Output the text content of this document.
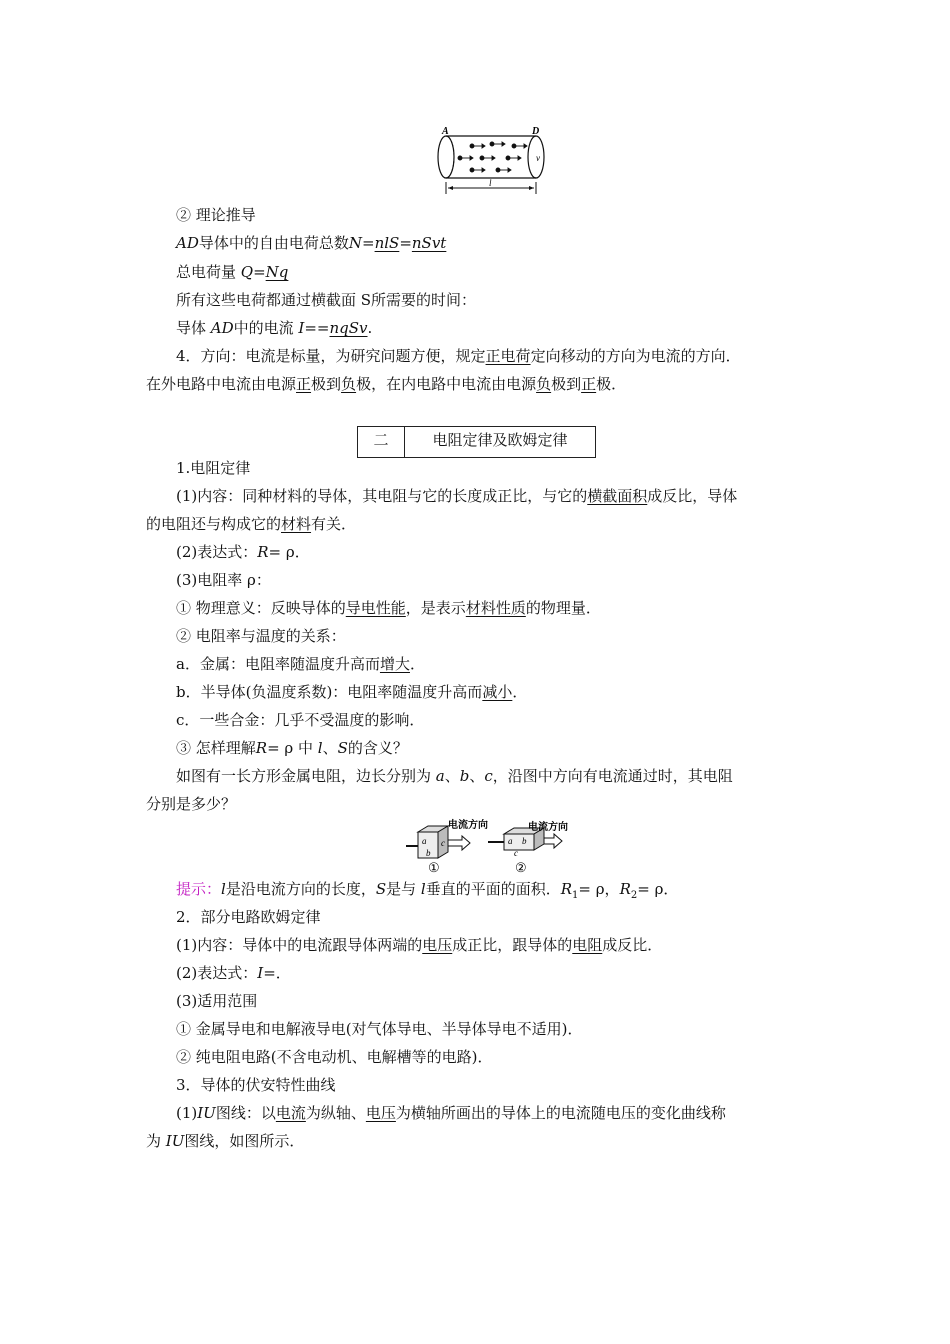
A	D
v
l
② 理论推导
AD导体中的自由电荷总数N=nlS=nSvt
总电荷量 Q=Nq
所有这些电荷都通过横截面 S所需要的时间：
导体 AD中的电流 I==nqSv.
4．方向：电流是标量，为研究问题方便，规定正电荷定向移动的方向为电流的方向．
在外电路中电流由电源正极到负极，在内电路中电流由电源负极到正极．
二	电阻定律及欧姆定律
1.电阻定律
(1)内容：同种材料的导体，其电阻与它的长度成正比，与它的横截面积成反比，导体
的电阻还与构成它的材料有关．
(2)表达式：R= ρ．
(3)电阻率 ρ：
① 物理意义：反映导体的导电性能，是表示材料性质的物理量．
② 电阻率与温度的关系：
a．金属：电阻率随温度升高而增大．
b．半导体(负温度系数)：电阻率随温度升高而减小．
c．一些合金：几乎不受温度的影响．
③ 怎样理解R= ρ 中 l、S的含义？
如图有一长方形金属电阻，边长分别为 a、b、c，沿图中方向有电流通过时，其电阻
分别是多少？
a
b
c
电流方向
①
a b
c
电流方向
②
提示：l是沿电流方向的长度，S是与 l垂直的平面的面积．$R_1= \rho$，$R_2= \rho$．
2．部分电路欧姆定律
(1)内容：导体中的电流跟导体两端的电压成正比，跟导体的电阻成反比．
(2)表达式：I=．
(3)适用范围
① 金属导电和电解液导电(对气体导电、半导体导电不适用)．
② 纯电阻电路(不含电动机、电解槽等的电路)．
3．导体的伏安特性曲线
(1)IU图线：以电流为纵轴、电压为横轴所画出的导体上的电流随电压的变化曲线称
为 IU图线，如图所示．
